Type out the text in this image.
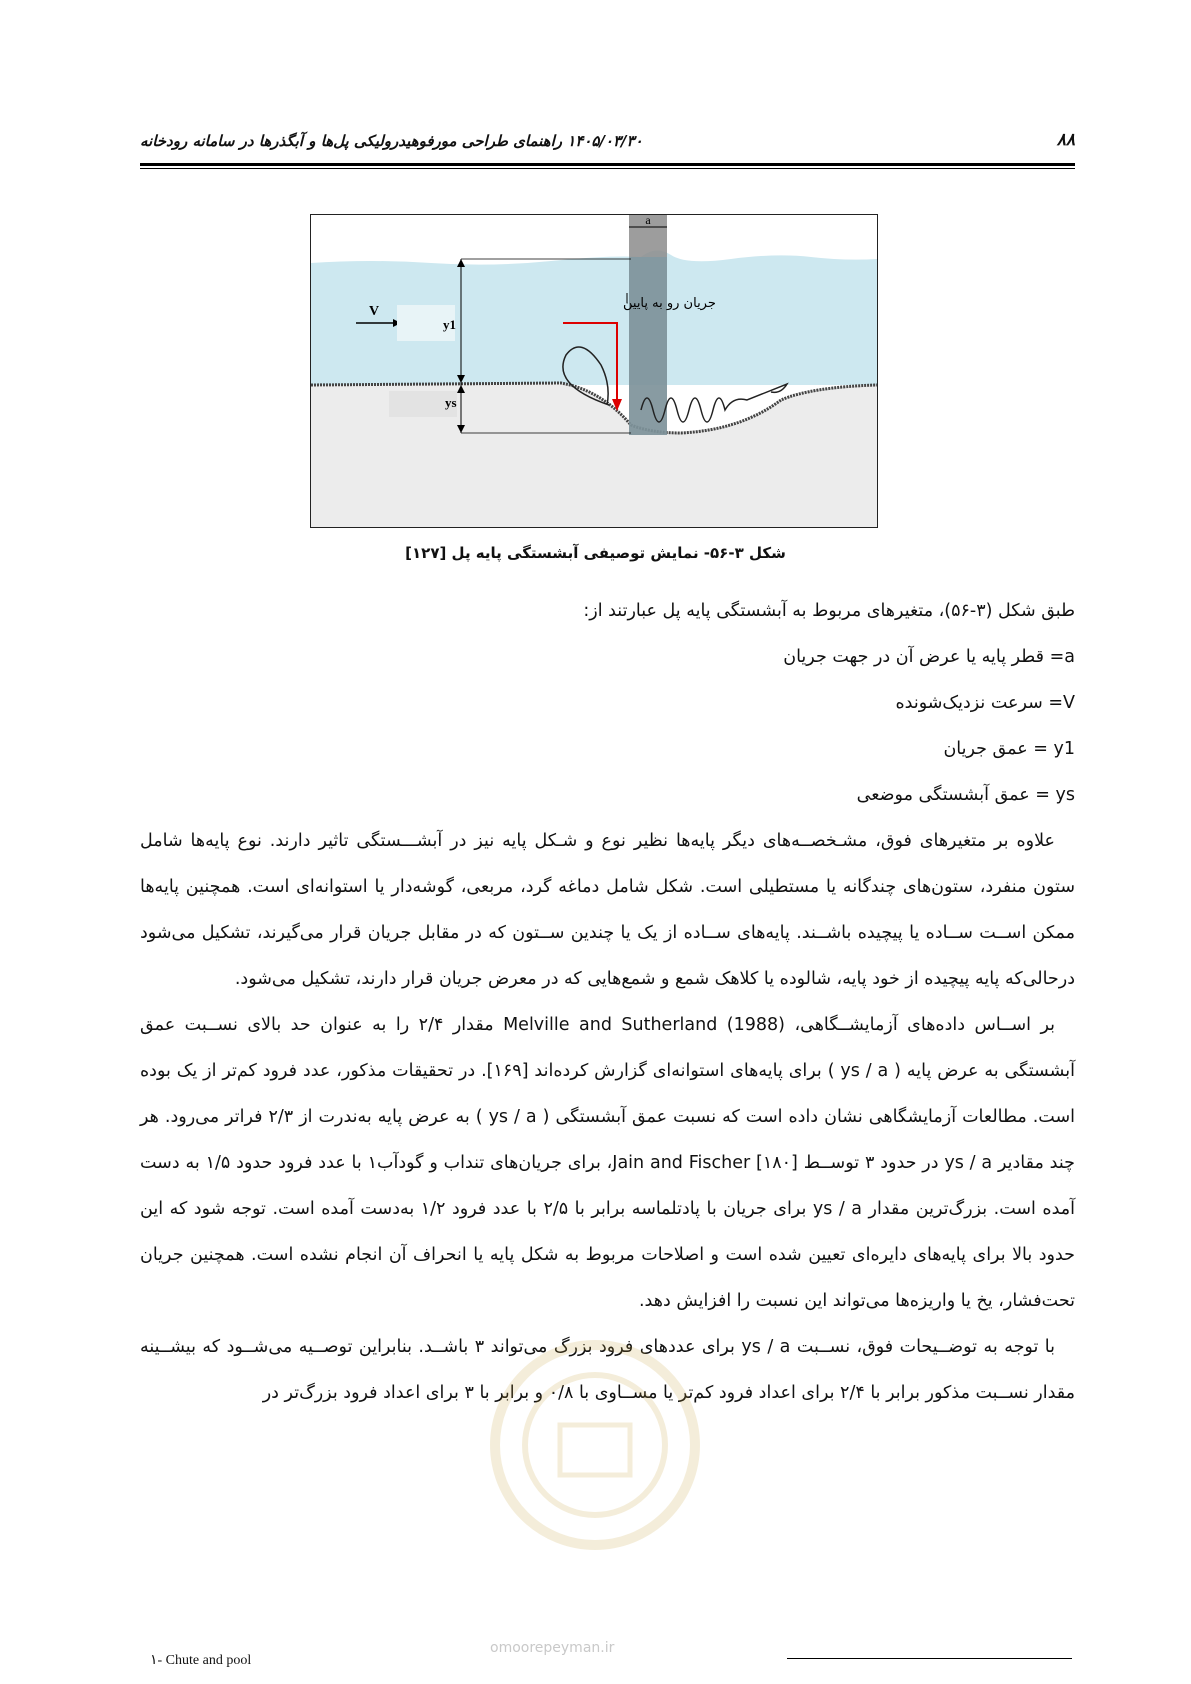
۸۸
۱۴۰۵/۰۳/۳۰ راهنمای طراحی مورفوهیدرولیکی پل‌ها و آبگذرها در سامانه رودخانه
a
V
y1
ys
جریان رو به پایین
شکل ۳-۵۶- نمایش توصیفی آبشستگی پایه پل [۱۲۷]

طبق شکل (۳-۵۶)، متغیرهای مربوط به آبشستگی پایه پل عبارتند از:

a= قطر پایه یا عرض آن در جهت جریان

V= سرعت نزدیک‌شونده

y1 = عمق جریان

ys = عمق آبشستگی موضعی

علاوه بر متغیرهای فوق، مشـخصــه‌های دیگر پایه‌ها نظیر نوع و شـکل پایه نیز در آبشـــستگی تاثیر دارند. نوع پایه‌ها شامل ستون منفرد، ستون‌های چندگانه یا مستطیلی است. شکل شامل دماغه گرد، مربعی، گوشه‌دار یا استوانه‌ای است. همچنین پایه‌ها ممکن اســت ســاده یا پیچیده باشــند. پایه‌های ســاده از یک یا چندین ســتون که در مقابل جریان قرار می‌گیرند، تشکیل می‌شود درحالی‌که پایه پیچیده از خود پایه، شالوده یا کلاهک شمع و شمع‌هایی که در معرض جریان قرار دارند، تشکیل می‌شود.

بر اســاس داده‌های آزمایشــگاهی، Melville and Sutherland (1988) مقدار ۲/۴ را به عنوان حد بالای نســبت عمق آبشستگی به عرض پایه ( ys / a ) برای پایه‌های استوانه‌ای گزارش کرده‌اند [۱۶۹]. در تحقیقات مذکور، عدد فرود کم‌تر از یک بوده است. مطالعات آزمایشگاهی نشان داده است که نسبت عمق آبشستگی ( ys / a ) به عرض پایه به‌ندرت از ۲/۳ فراتر می‌رود. هر چند مقادیر ys / a در حدود ۳ توســط Jain and Fischer [۱۸۰]، برای جریان‌های تنداب و گودآب۱ با عدد فرود حدود ۱/۵ به دست آمده است. بزرگ‌ترین مقدار ys / a برای جریان با پادتلماسه برابر با ۲/۵ با عدد فرود ۱/۲ به‌دست آمده است. توجه شود که این حدود بالا برای پایه‌های دایره‌ای تعیین شده است و اصلاحات مربوط به شکل پایه یا انحراف آن انجام نشده است. همچنین جریان تحت‌فشار، یخ یا واریزه‌ها می‌تواند این نسبت را افزایش دهد.

با توجه به توضــیحات فوق، نســبت ys / a برای عددهای فرود بزرگ می‌تواند ۳ باشــد. بنابراین توصــیه می‌شــود که بیشــینه مقدار نســبت مذکور برابر با ۲/۴ برای اعداد فرود کم‌تر یا مســاوی با ۰/۸ و برابر با ۳ برای اعداد فرود بزرگ‌تر در

۱- Chute and pool
omoorepeyman.ir
